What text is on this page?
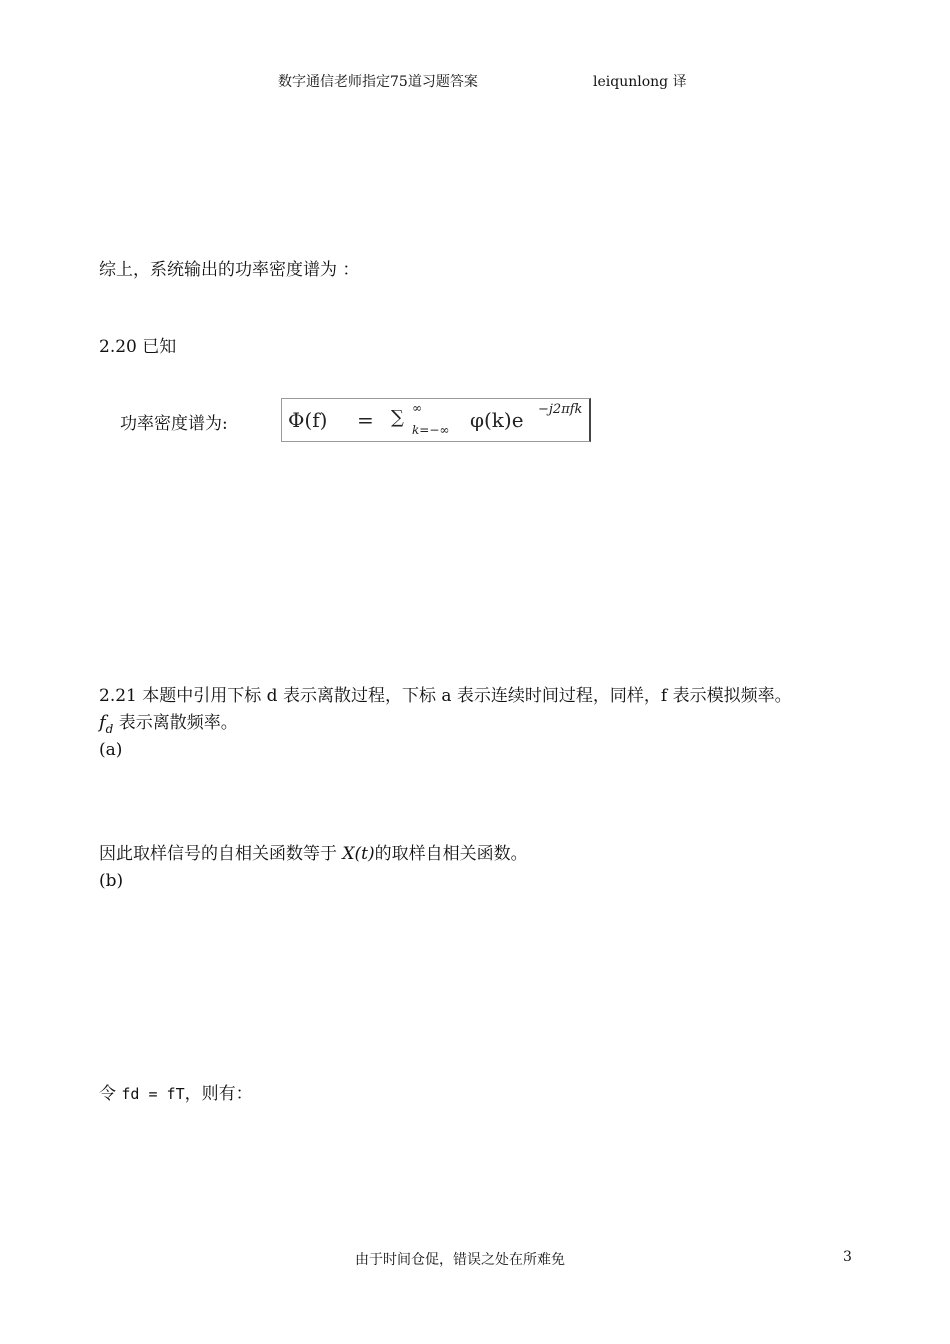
数字通信老师指定75道习题答案	leiqunlong 译
综上，系统输出的功率密度谱为 ：
2.20 已知
功率密度谱为:	Φ(f) = ∑ ∞
k=−∞ φ(k)e −j2πfk
2.21 本题中引用下标 d 表示离散过程，下标 a 表示连续时间过程，同样，f 表示模拟频率。
$f_d$ 表示离散频率。
(a)
因此取样信号的自相关函数等于 X(t)的取样自相关函数。
(b)
令 fd = fT，则有：
由于时间仓促，错误之处在所难免	3
